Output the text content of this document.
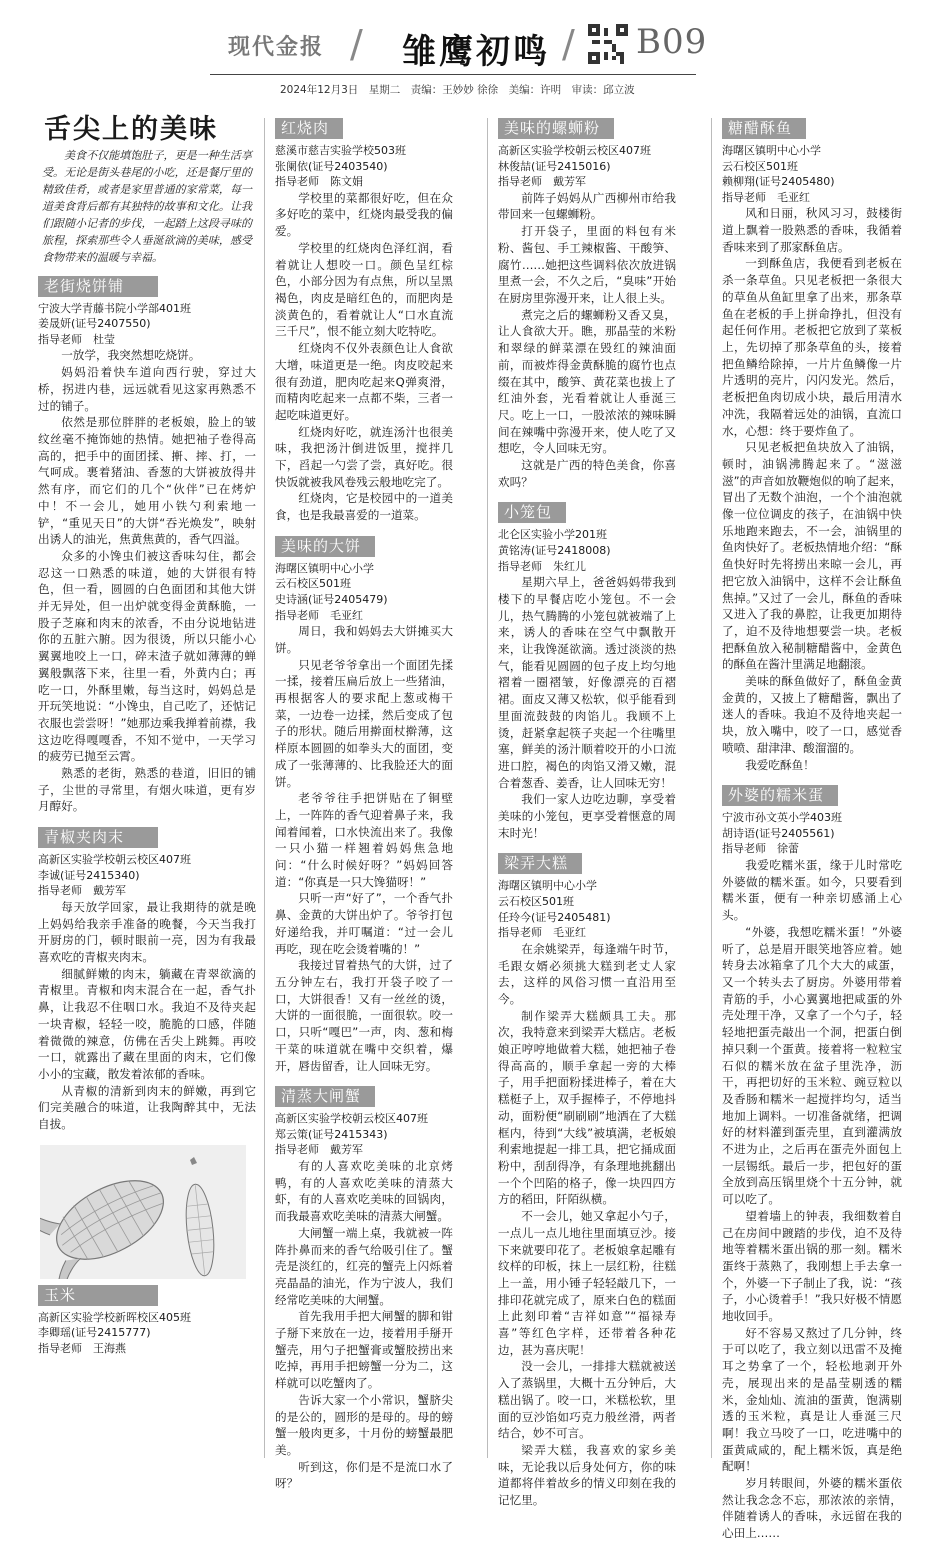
现代金报 / 雏鹰初鸣 / B09
2024年12月3日　星期二　责编：王妙妙 徐徐　美编：许明　审读：邱立波
舌尖上的美味
美食不仅能填饱肚子，更是一种生活享受。无论是街头巷尾的小吃，还是餐厅里的精致佳肴，或者是家里普通的家常菜，每一道美食背后都有其独特的故事和文化。让我们跟随小记者的步伐，一起踏上这段寻味的旅程，探索那些令人垂涎欲滴的美味，感受食物带来的温暖与幸福。
老街烧饼铺
宁波大学青藤书院小学部401班
姜晟妍(证号2407550)
指导老师　杜莹

一放学，我突然想吃烧饼。

妈妈沿着快车道向西行驶，穿过大桥，拐进内巷，远远就看见这家再熟悉不过的铺子。

依然是那位胖胖的老板娘，脸上的皱纹丝毫不掩饰她的热情。她把袖子卷得高高的，把手中的面团揉、搟、摔、打，一气呵成。裹着猪油、香葱的大饼被放得井然有序，而它们的几个“伙伴”已在烤炉中！不一会儿，她用小铁勺利索地一铲，“重见天日”的大饼“吞光焕发”，映射出诱人的油光，焦黄焦黄的，香气四溢。

众多的小馋虫们被这香味勾住，都会忍这一口熟悉的味道，她的大饼很有特色，但一看，圆圆的白色面团和其他大饼并无异处，但一出炉就变得金黄酥脆，一股子芝麻和肉末的浓香，不由分说地钻进你的五脏六腑。因为很烫，所以只能小心翼翼地咬上一口，碎末渣子就如薄薄的蝉翼般飘落下来，往里一看，外黄内白；再吃一口，外酥里嫩，每当这时，妈妈总是开玩笑地说：“小馋虫，自己吃了，还惦记衣服也尝尝呀！”她那边乘我掸着前襟，我这边吃得嘎嘎香，不知不觉中，一天学习的疲劳已抛至云霄。

熟悉的老街，熟悉的巷道，旧旧的铺子，尘世的寻常里，有烟火味道，更有岁月醇好。

青椒夹肉末
高新区实验学校朝云校区407班
李诚(证号2415340)
指导老师　戴芳军

每天放学回家，最让我期待的就是晚上妈妈给我亲手准备的晚餐，今天当我打开厨房的门，顿时眼前一亮，因为有我最喜欢吃的青椒夹肉末。

细腻鲜嫩的肉末，躺藏在青翠欲滴的青椒里。青椒和肉末混合在一起，香气扑鼻，让我忍不住咽口水。我迫不及待夹起一块青椒，轻轻一咬，脆脆的口感，伴随着微微的辣意，仿佛在舌尖上跳舞。再咬一口，就露出了藏在里面的肉末，它们像小小的宝藏，散发着浓郁的香味。

从青椒的清新到肉末的鲜嫩，再到它们完美融合的味道，让我陶醉其中，无法自拔。

玉米
高新区实验学校新晖校区405班
李卿瑶(证号2415777)
指导老师　王海燕
红烧肉
慈溪市慈吉实验学校503班
张阑依(证号2403540)
指导老师　陈文娟

学校里的菜都很好吃，但在众多好吃的菜中，红烧肉最受我的偏爱。

学校里的红烧肉色泽红润，看着就让人想咬一口。颜色呈红棕色，小部分因为有点焦，所以呈黑褐色，肉皮是暗红色的，而肥肉是淡黄色的，看着就让人“口水直流三千尺”，恨不能立刻大吃特吃。

红烧肉不仅外表颜色让人食欲大增，味道更是一绝。肉皮咬起来很有劲道，肥肉吃起来Q弹爽滑，而精肉吃起来一点都不柴，三者一起吃味道更好。

红烧肉好吃，就连汤汁也很美味，我把汤汁倒进饭里，搅拌几下，舀起一勺尝了尝，真好吃。很快饭就被我风卷残云般地吃完了。

红烧肉，它是校园中的一道美食，也是我最喜爱的一道菜。

美味的大饼
海曙区镇明中心小学
云石校区501班
史诗涵(证号2405479)
指导老师　毛亚红

周日，我和妈妈去大饼摊买大饼。

只见老爷爷拿出一个面团先揉一揉，接着压扁后放上一些猪油，再根据客人的要求配上葱或梅干菜，一边卷一边揉，然后变成了包子的形状。随后用擀面杖擀薄，这样原本圆圆的如拳头大的面团，变成了一张薄薄的、比我脸还大的面饼。

老爷爷往手把饼贴在了铜壁上，一阵阵的香气迎着鼻子来，我闻着闻着，口水快流出来了。我像一只小猫一样翘着妈妈焦急地问：“什么时候好呀？”妈妈回答道：“你真是一只大馋猫呀！”

只听一声“好了”，一个香气扑鼻、金黄的大饼出炉了。爷爷打包好递给我，并叮嘱道：“过一会儿再吃，现在吃会烫着嘴的！”

我接过冒着热气的大饼，过了五分钟左右，我打开袋子咬了一口，大饼很香！又有一丝丝的烫，大饼的一面很脆，一面很软。咬一口，只听“嘎巴”一声，肉、葱和梅干菜的味道就在嘴中交织着，爆开，唇齿留香，让人回味无穷。

清蒸大闸蟹
高新区实验学校朝云校区407班
郑云策(证号2415343)
指导老师　戴芳军

有的人喜欢吃美味的北京烤鸭，有的人喜欢吃美味的清蒸大虾，有的人喜欢吃美味的回锅肉，而我最喜欢吃美味的清蒸大闸蟹。

大闸蟹一端上桌，我就被一阵阵扑鼻而来的香气给吸引住了。蟹壳是淡红的，红亮的蟹壳上闪烁着亮晶晶的油光，作为宁波人，我们经常吃美味的大闸蟹。

首先我用手把大闸蟹的脚和钳子掰下来放在一边，接着用手掰开蟹壳，用勺子把蟹膏或蟹胶捞出来吃掉，再用手把螃蟹一分为二，这样就可以吃蟹肉了。

告诉大家一个小常识，蟹脐尖的是公的，圆形的是母的。母的螃蟹一般肉更多，十月份的螃蟹最肥美。

听到这，你们是不是流口水了呀？

美味的螺蛳粉
高新区实验学校朝云校区407班
林俊喆(证号2415016)
指导老师　戴芳军

前阵子妈妈从广西柳州市给我带回来一包螺蛳粉。

打开袋子，里面的料包有米粉、酱包、手工辣椒酱、干酸笋、腐竹……她把这些调料依次放进锅里煮一会，不久之后，“臭味”开始在厨房里弥漫开来，让人很上头。

煮完之后的螺蛳粉又香又臭，让人食欲大开。瞧，那晶莹的米粉和翠绿的鲜菜漂在毁红的辣油面前，而被炸得金黄酥脆的腐竹也点缀在其中，酸笋、黄花菜也拔上了红油外套，光看着就让人垂涎三尺。吃上一口，一股浓浓的辣味瞬间在辣嘴中弥漫开来，使人吃了又想吃，令人回味无穷。

这就是广西的特色美食，你喜欢吗？

小笼包
北仑区实验小学201班
黄铭涛(证号2418008)
指导老师　朱红儿

星期六早上，爸爸妈妈带我到楼下的早餐店吃小笼包。不一会儿，热气腾腾的小笼包就被端了上来，诱人的香味在空气中飘散开来，让我馋涎欲滴。透过淡淡的热气，能看见圆圆的包子皮上均匀地褶着一圈褶皱，好像漂亮的百褶裙。面皮又薄又松软，似乎能看到里面流鼓鼓的肉馅儿。我顾不上烫，赶紧拿起筷子夹起一个往嘴里塞，鲜美的汤汁顺着咬开的小口流进口腔，褐色的肉馅又滑又嫩，混合着葱香、姜香，让人回味无穷！

我们一家人边吃边聊，享受着美味的小笼包，更享受着惬意的周末时光！

梁弄大糕
海曙区镇明中心小学
云石校区501班
任玲今(证号2405481)
指导老师　毛亚红

在余姚梁弄，每逢端午时节，毛跟女婿必须挑大糕到老丈人家去，这样的风俗习惯一直沿用至今。

制作梁弄大糕颇具工夫。那次，我特意来到梁弄大糕店。老板娘正哼哼地做着大糕，她把袖子卷得高高的，顺手拿起一旁的大棒子，用手把面粉揉进棒子，着在大糕梃子上，双手握棒子，不停地抖动，面粉便“刷刷刷”地洒在了大糕框内，待到“大线”被填满，老板娘利索地提起一排工具，把它捅成面粉中，刮刮得净，有条理地挑翻出一个个凹陷的格子，像一块四四方方的稻田，阡陌纵横。

不一会儿，她又拿起小勺子，一点儿一点儿地往里面填豆沙。接下来就要印花了。老板娘拿起雕有纹样的印板，抹上一层红粉，往糕上一盖，用小锤子轻轻敲几下，一排印花就完成了，原来白色的糕面上此刻印着“吉祥如意”“福禄寿喜”等红色字样，还带着各种花边，甚为喜庆呢！

没一会儿，一排排大糕就被送入了蒸锅里，大概十五分钟后，大糕出锅了。咬一口，米糕松软，里面的豆沙馅如巧克力般丝滑，两者结合，妙不可言。

梁弄大糕，我喜欢的家乡美味，无论我以后身处何方，你的味道都将伴着故乡的情义印刻在我的记忆里。

糖醋酥鱼
海曙区镇明中心小学
云石校区501班
赖柳翔(证号2405480)
指导老师　毛亚红

风和日丽，秋风习习，鼓楼街道上飘着一股熟悉的香味，我循着香味来到了那家酥鱼店。

一到酥鱼店，我便看到老板在杀一条草鱼。只见老板把一条很大的草鱼从鱼缸里拿了出来，那条草鱼在老板的手上拼命挣扎，但没有起任何作用。老板把它放到了菜板上，先切掉了那条草鱼的头，接着把鱼鳞给除掉，一片片鱼鳞像一片片透明的亮片，闪闪发光。然后，老板把鱼肉切成小块，最后用清水冲洗，我隔着远处的油锅，直流口水，心想：终于要炸鱼了。

只见老板把鱼块放入了油锅，顿时，油锅沸腾起来了。“滋滋滋”的声音如放鞭炮似的响了起来，冒出了无数个油泡，一个个油泡就像一位位调皮的孩子，在油锅中快乐地跑来跑去，不一会，油锅里的鱼肉快好了。老板热情地介绍：“酥鱼快好时先将捞出来晾一会儿，再把它放入油锅中，这样不会让酥鱼焦掉。”又过了一会儿，酥鱼的香味又进入了我的鼻腔，让我更加期待了，迫不及待地想要尝一块。老板把酥鱼放入秘制糖醋酱中，金黄色的酥鱼在酱汁里满足地翻滚。

美味的酥鱼做好了，酥鱼金黄金黄的，又披上了糖醋酱，飘出了迷人的香味。我迫不及待地夹起一块，放入嘴中，咬了一口，感觉香喷喷、甜津津、酸溜溜的。

我爱吃酥鱼！

外婆的糯米蛋
宁波市孙文英小学403班
胡诗语(证号2405561)
指导老师　徐蕾

我爱吃糯米蛋，缘于儿时常吃外婆做的糯米蛋。如今，只要看到糯米蛋，便有一种亲切感涌上心头。

“外婆，我想吃糯米蛋！”外婆听了，总是眉开眼笑地答应着。她转身去冰箱拿了几个大大的咸蛋，又一个转头去了厨房。外婆用带着青筋的手，小心翼翼地把咸蛋的外壳处理干净，又拿了一个勺子，轻轻地把蛋壳敲出一个洞，把蛋白倒掉只剩一个蛋黄。接着将一粒粒宝石似的糯米放在盆子里洗净，沥干，再把切好的玉米粒、豌豆粒以及香肠和糯米一起搅拌均匀，适当地加上调料。一切准备就绪，把调好的材料灌到蛋壳里，直到灌满放不进为止，之后再在蛋壳外面包上一层锡纸。最后一步，把包好的蛋全放到高压锅里烧个十五分钟，就可以吃了。

望着墙上的钟表，我细数着自己在房间中踱踏的步伐，迫不及待地等着糯米蛋出锅的那一刻。糯米蛋终于蒸熟了，我刚想上手去拿一个，外婆一下子制止了我，说：“孩子，小心烫着手！”我只好极不情愿地收回手。

好不容易又熬过了几分钟，终于可以吃了，我立刻以迅雷不及掩耳之势拿了一个，轻松地剥开外壳，展现出来的是晶莹剔透的糯米，金灿灿、流油的蛋黄，饱满剔透的玉米粒，真是让人垂涎三尺啊！我立马咬了一口，吃进嘴中的蛋黄咸咸的，配上糯米饭，真是绝配啊！

岁月转眼间，外婆的糯米蛋依然让我念念不忘，那浓浓的亲情，伴随着诱人的香味，永远留在我的心田上……
